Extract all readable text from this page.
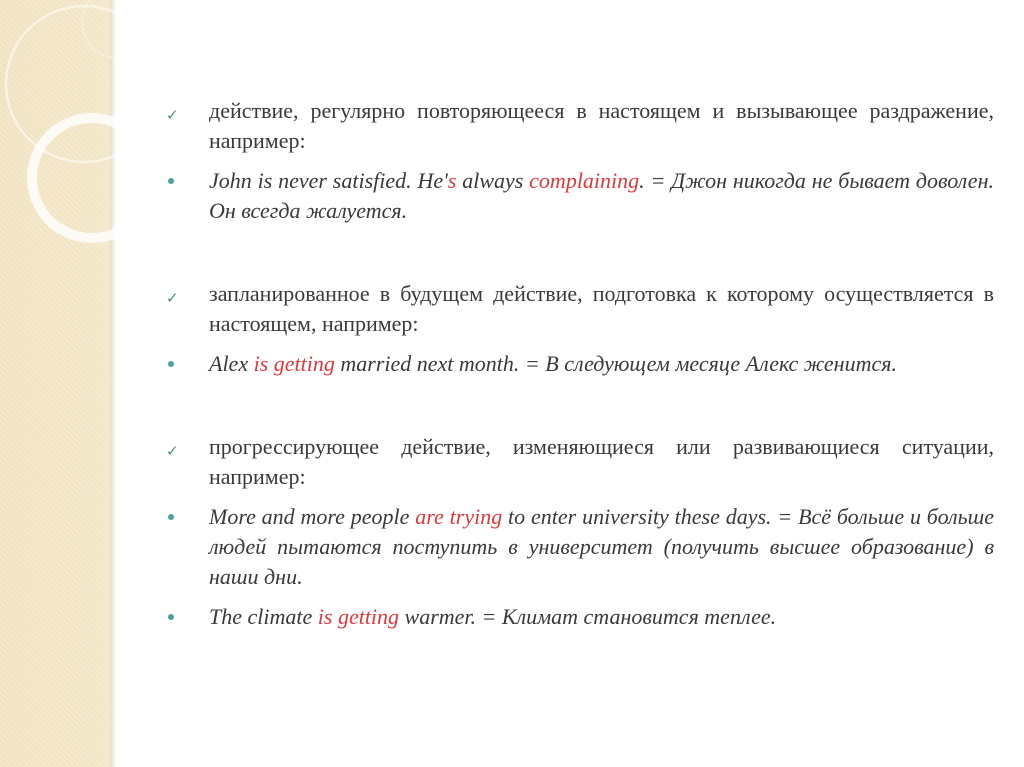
✓ действие, регулярно повторяющееся в настоящем и вызывающее раздражение, например:
John is never satisfied. He's always complaining. = Джон никогда не бывает доволен. Он всегда жалуется.
✓ запланированное в будущем действие, подготовка к которому осуществляется в настоящем, например:
Alex is getting married next month. = В следующем месяце Алекс женится.
✓ прогрессирующее действие, изменяющиеся или развивающиеся ситуации, например:
More and more people are trying to enter university these days. = Всё больше и больше людей пытаются поступить в университет (получить высшее образование) в наши дни.
The climate is getting warmer. = Климат становится теплее.
